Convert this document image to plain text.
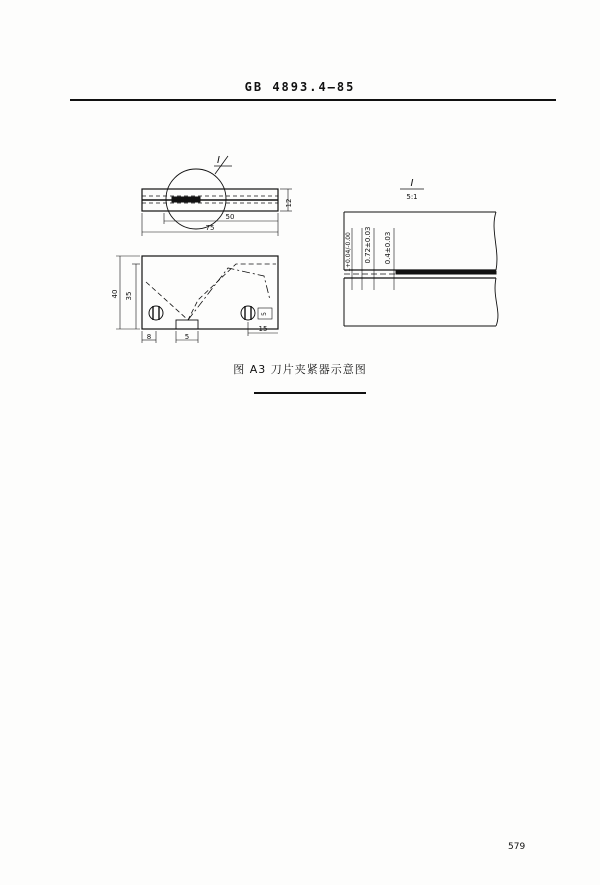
GB 4893.4—85
I
12
50
75
40 35
8	5
15
5
I
5:1
1+0.04/-0.00 0.72±0.03 0.4±0.03
图 A3 刀片夹紧器示意图
579
